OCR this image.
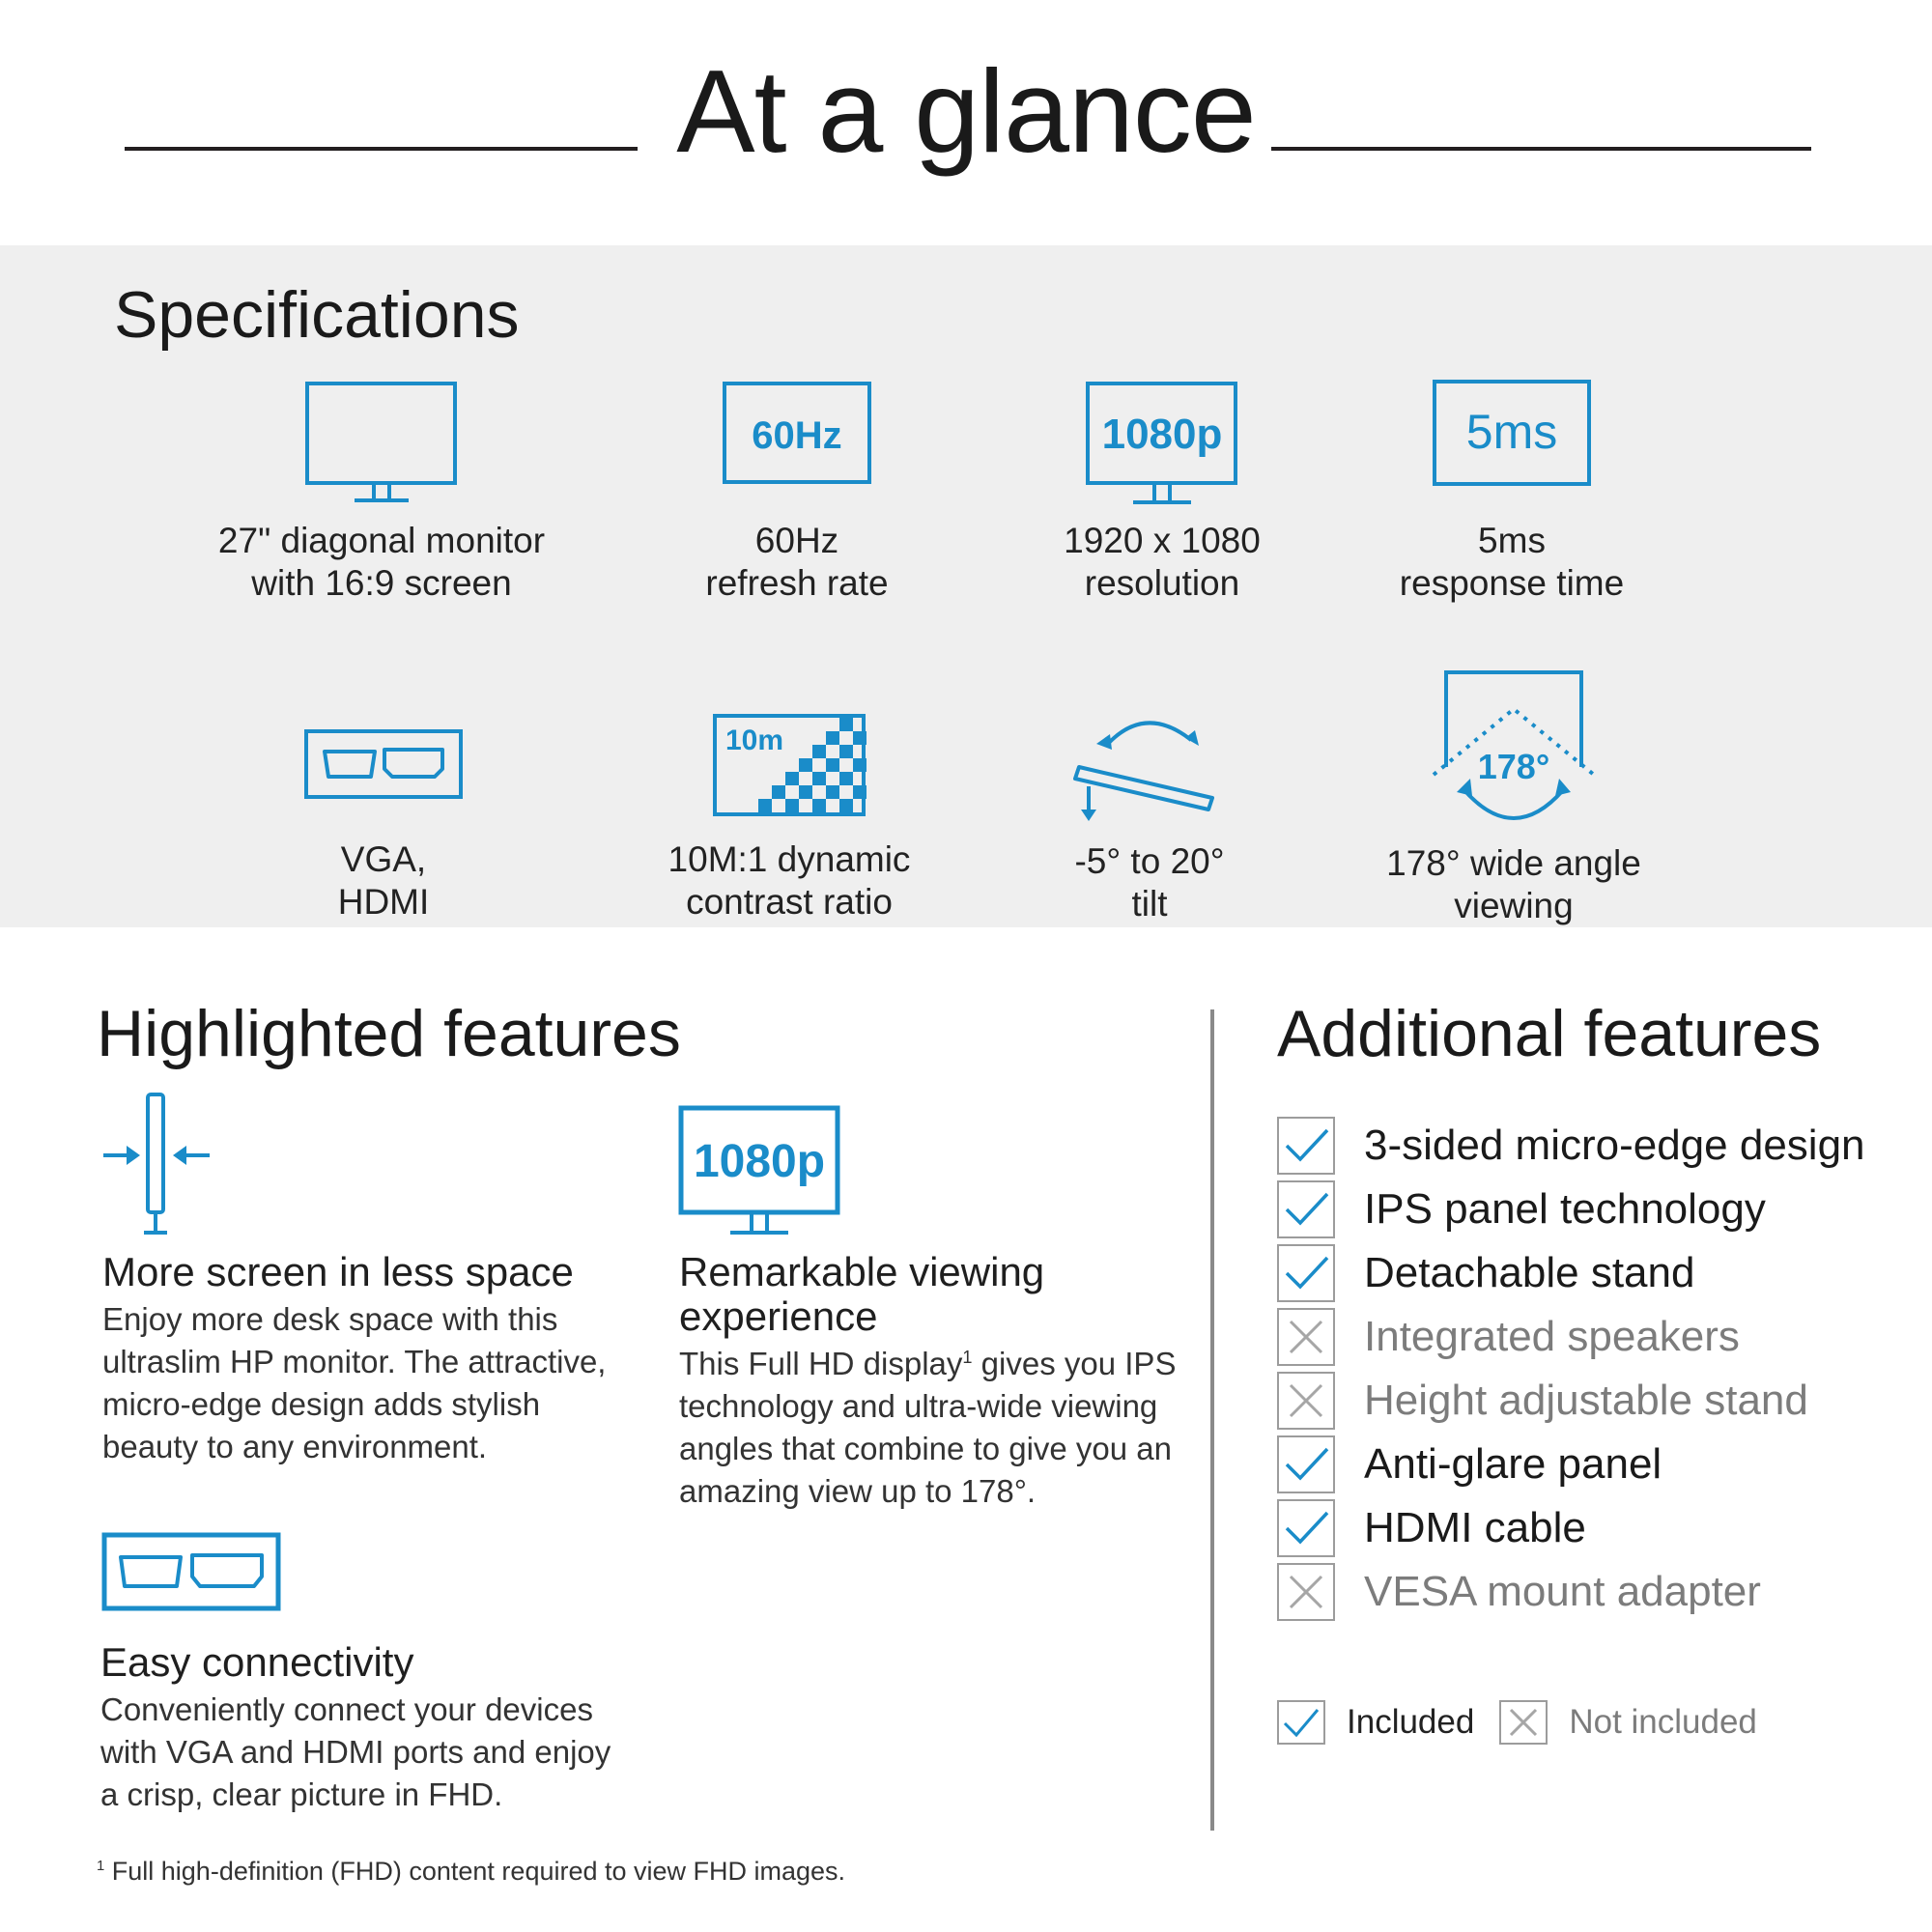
At a glance
Specifications
27" diagonal monitor
with 16:9 screen
60Hz
60Hz
refresh rate
1080p
1920 x 1080
resolution
5ms
5ms
response time
VGA,
HDMI
10m
10M:1 dynamic
contrast ratio
-5° to 20°
tilt
178°
178° wide angle
viewing
Highlighted features
More screen in less space
Enjoy more desk space with this
ultraslim HP monitor. The attractive,
micro-edge design adds stylish
beauty to any environment.
1080p
Remarkable viewing
experience
This Full HD display$^1$ gives you IPS
technology and ultra-wide viewing
angles that combine to give you an
amazing view up to 178°.
Easy connectivity
Conveniently connect your devices
with VGA and HDMI ports and enjoy
a crisp, clear picture in FHD.
Additional features
3-sided micro-edge design
IPS panel technology
Detachable stand
Integrated speakers
Height adjustable stand
Anti-glare panel
HDMI cable
VESA mount adapter
Included	Not included
$^1$ Full high-definition (FHD) content required to view FHD images.
